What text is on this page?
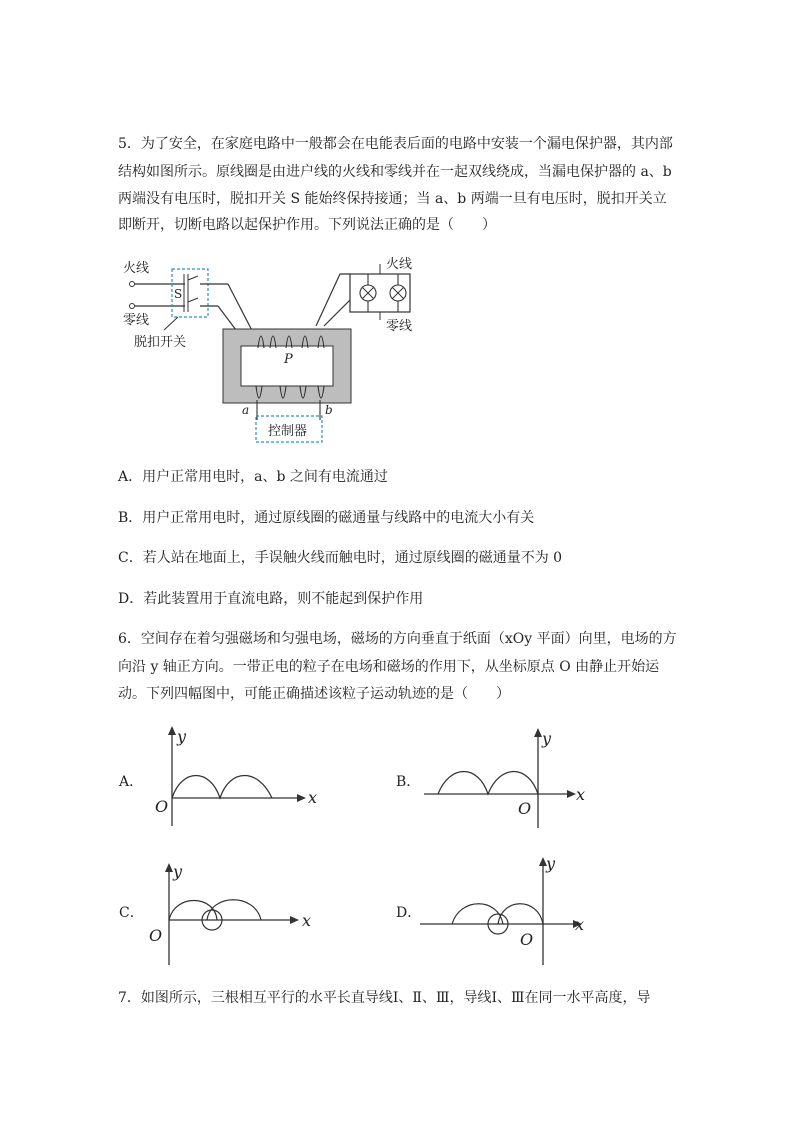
5．为了安全，在家庭电路中一般都会在电能表后面的电路中安装一个漏电保护器，其内部

结构如图所示。原线圈是由进户线的火线和零线并在一起双线绕成，当漏电保护器的 a、b

两端没有电压时，脱扣开关 S 能始终保持接通；当 a、b 两端一旦有电压时，脱扣开关立

即断开，切断电路以起保护作用。下列说法正确的是（　　）

火线
零线
S
脱扣开关
P
a	b
控制器
火线
零线

A．用户正常用电时，a、b 之间有电流通过

B．用户正常用电时，通过原线圈的磁通量与线路中的电流大小有关

C．若人站在地面上，手误触火线而触电时，通过原线圈的磁通量不为 0

D．若此装置用于直流电路，则不能起到保护作用

6．空间存在着匀强磁场和匀强电场，磁场的方向垂直于纸面（xOy 平面）向里，电场的方

向沿 y 轴正方向。一带正电的粒子在电场和磁场的作用下，从坐标原点 O 由静止开始运

动。下列四幅图中，可能正确描述该粒子运动轨迹的是（　　）

A．
y
x
O
B．
y
x
O
C．
y
x
O
D．
y
x
O

7．如图所示，三根相互平行的水平长直导线Ⅰ、Ⅱ、Ⅲ，导线Ⅰ、Ⅲ在同一水平高度，导
